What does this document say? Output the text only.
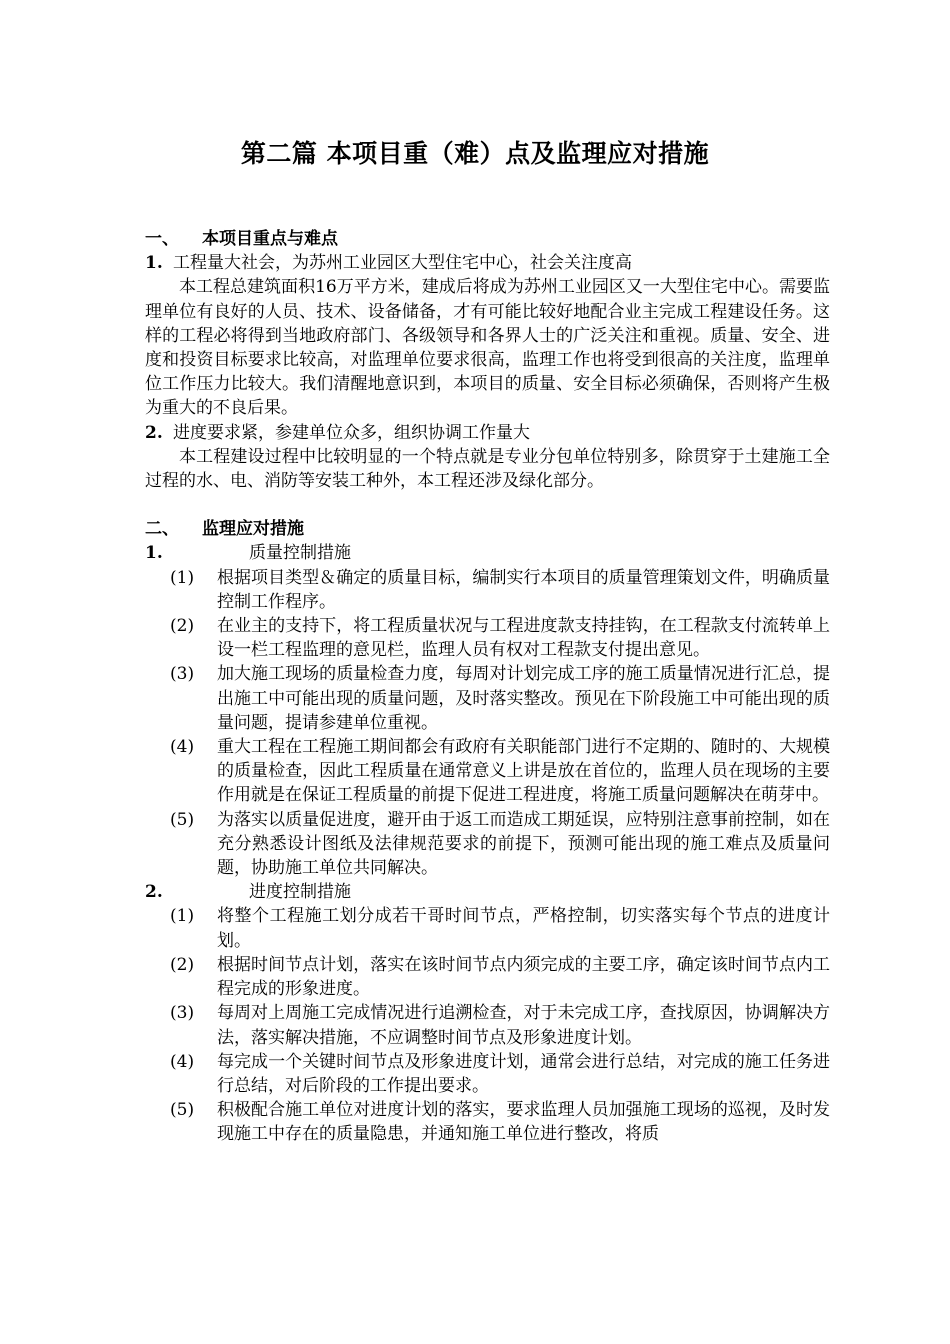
第二篇 本项目重（难）点及监理应对措施
一、 本项目重点与难点
1. 工程量大社会，为苏州工业园区大型住宅中心，社会关注度高
本工程总建筑面积16万平方米，建成后将成为苏州工业园区又一大型住宅中心。需要监理单位有良好的人员、技术、设备储备，才有可能比较好地配合业主完成工程建设任务。这样的工程必将得到当地政府部门、各级领导和各界人士的广泛关注和重视。质量、安全、进度和投资目标要求比较高，对监理单位要求很高，监理工作也将受到很高的关注度，监理单位工作压力比较大。我们清醒地意识到，本项目的质量、安全目标必须确保，否则将产生极为重大的不良后果。
2. 进度要求紧，参建单位众多，组织协调工作量大
本工程建设过程中比较明显的一个特点就是专业分包单位特别多，除贯穿于土建施工全过程的水、电、消防等安装工种外，本工程还涉及绿化部分。
二、 监理应对措施
1.	质量控制措施
(1)	根据项目类型＆确定的质量目标，编制实行本项目的质量管理策划文件，明确质量控制工作程序。
(2)	在业主的支持下，将工程质量状况与工程进度款支持挂钩，在工程款支付流转单上设一栏工程监理的意见栏，监理人员有权对工程款支付提出意见。
(3)	加大施工现场的质量检查力度，每周对计划完成工序的施工质量情况进行汇总，提出施工中可能出现的质量问题，及时落实整改。预见在下阶段施工中可能出现的质量问题，提请参建单位重视。
(4)	重大工程在工程施工期间都会有政府有关职能部门进行不定期的、随时的、大规模的质量检查，因此工程质量在通常意义上讲是放在首位的，监理人员在现场的主要作用就是在保证工程质量的前提下促进工程进度，将施工质量问题解决在萌芽中。
(5)	为落实以质量促进度，避开由于返工而造成工期延误，应特别注意事前控制，如在充分熟悉设计图纸及法律规范要求的前提下，预测可能出现的施工难点及质量问题，协助施工单位共同解决。
2.	进度控制措施
(1)	将整个工程施工划分成若干哥时间节点，严格控制，切实落实每个节点的进度计划。
(2)	根据时间节点计划，落实在该时间节点内须完成的主要工序，确定该时间节点内工程完成的形象进度。
(3)	每周对上周施工完成情况进行追溯检查，对于未完成工序，查找原因，协调解决方法，落实解决措施，不应调整时间节点及形象进度计划。
(4)	每完成一个关键时间节点及形象进度计划，通常会进行总结，对完成的施工任务进行总结，对后阶段的工作提出要求。
(5)	积极配合施工单位对进度计划的落实，要求监理人员加强施工现场的巡视，及时发现施工中存在的质量隐患，并通知施工单位进行整改，将质
